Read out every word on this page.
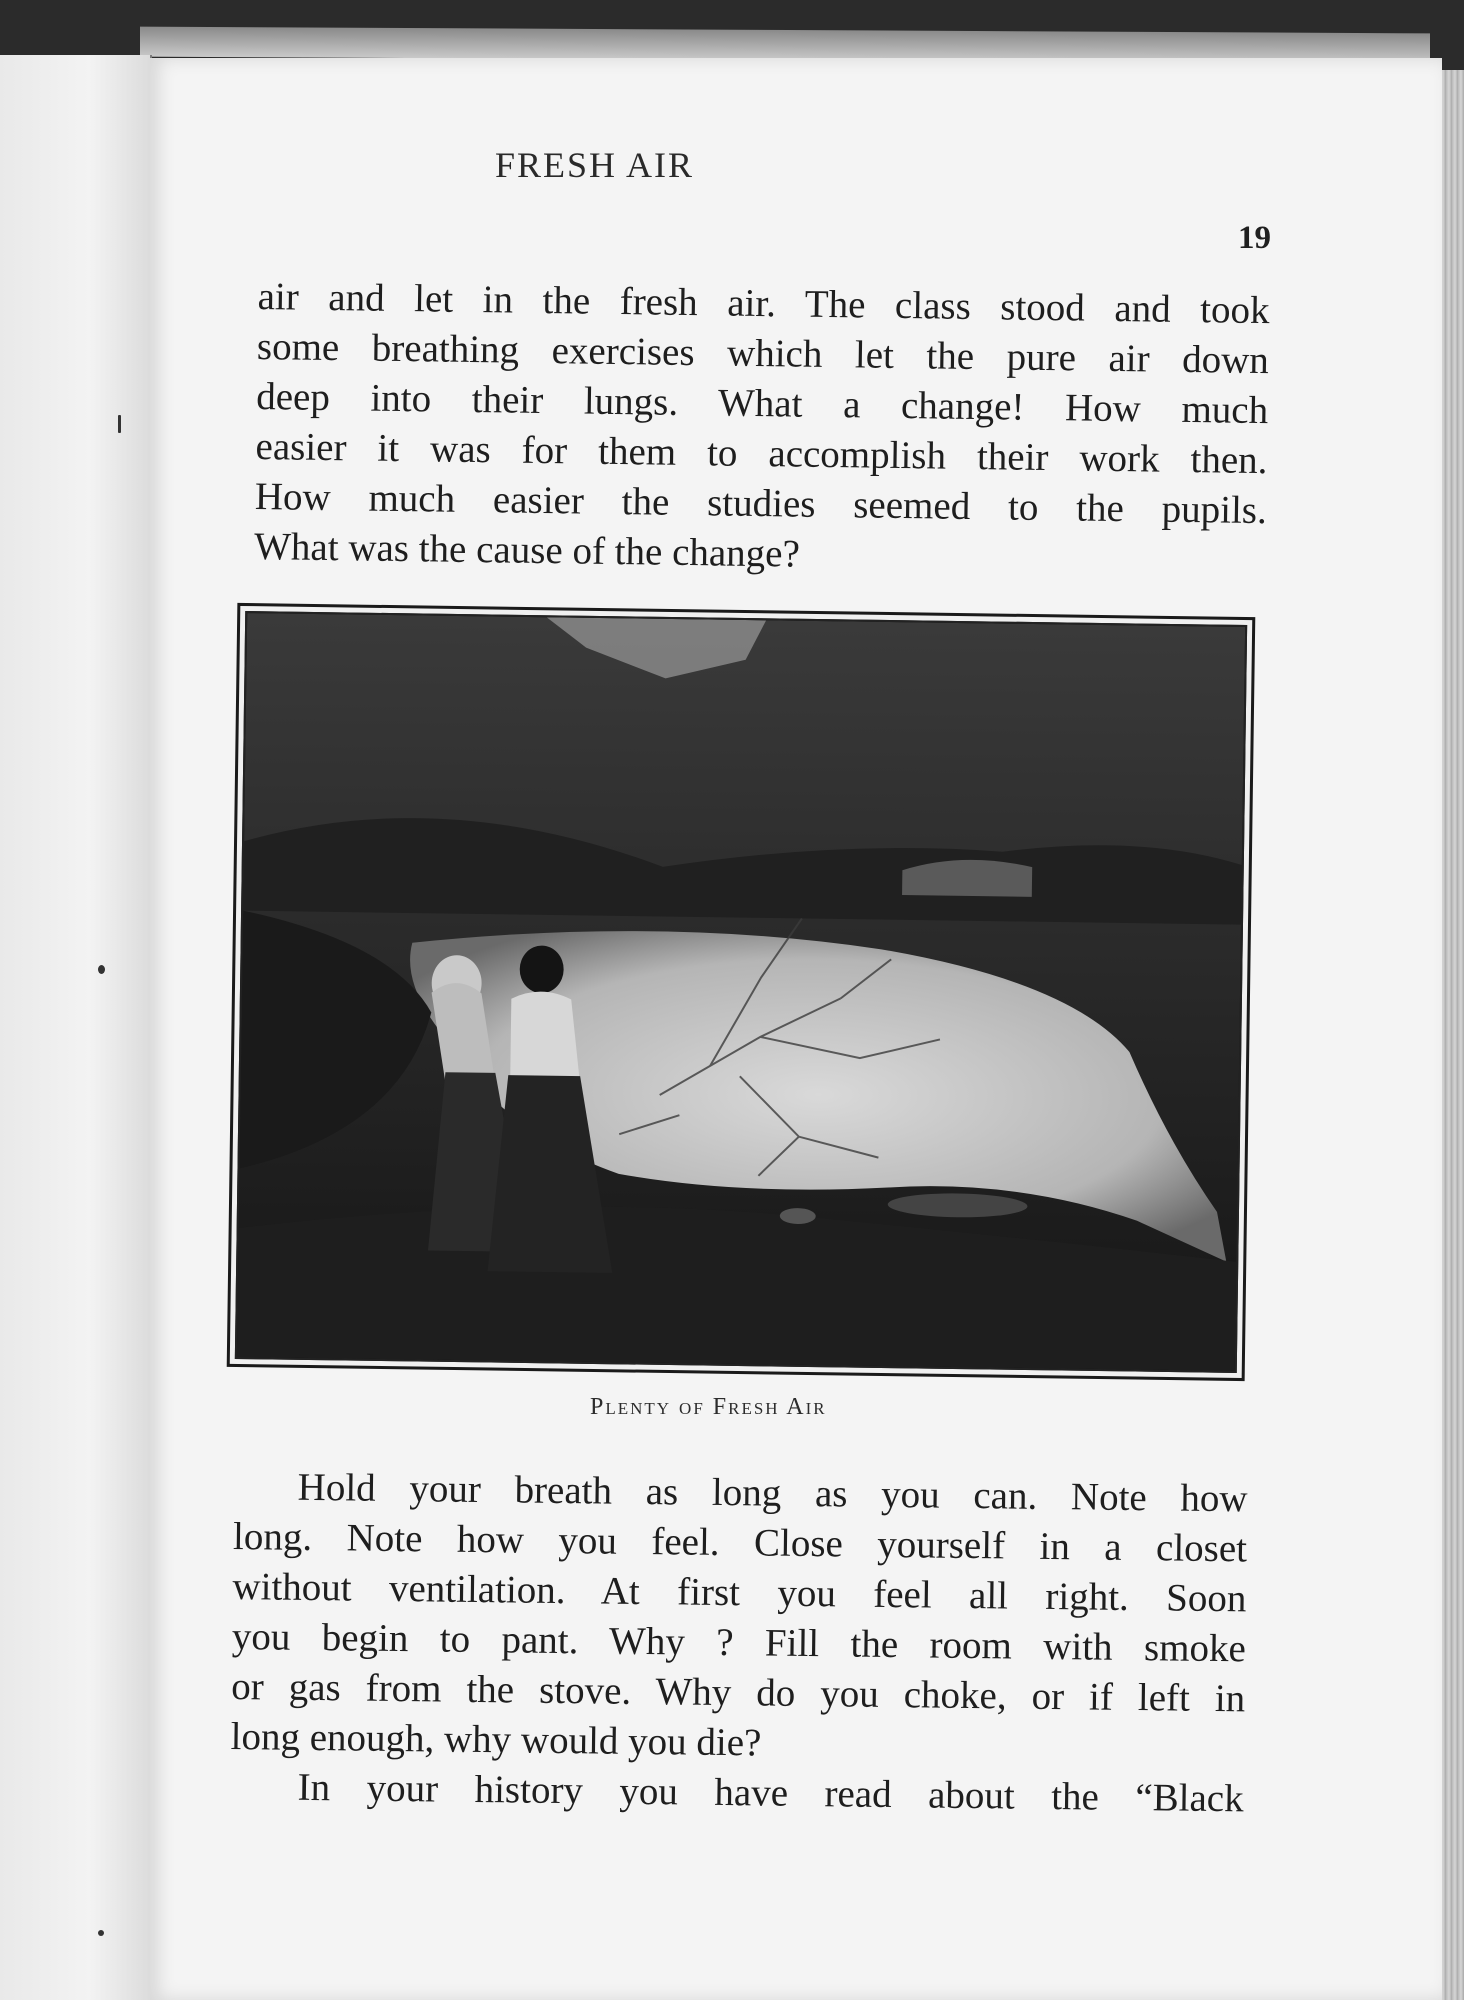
FRESH AIR
19
air and let in the fresh air. The class stood and took
some breathing exercises which let the pure air down
deep into their lungs. What a change! How much
easier it was for them to accomplish their work then.
How much easier the studies seemed to the pupils.
What was the cause of the change?
Plenty of Fresh Air
Hold your breath as long as you can. Note how
long. Note how you feel. Close yourself in a closet
without ventilation. At first you feel all right. Soon
you begin to pant. Why ? Fill the room with smoke
or gas from the stove. Why do you choke, or if left in
long enough, why would you die?
In your history you have read about the “Black
